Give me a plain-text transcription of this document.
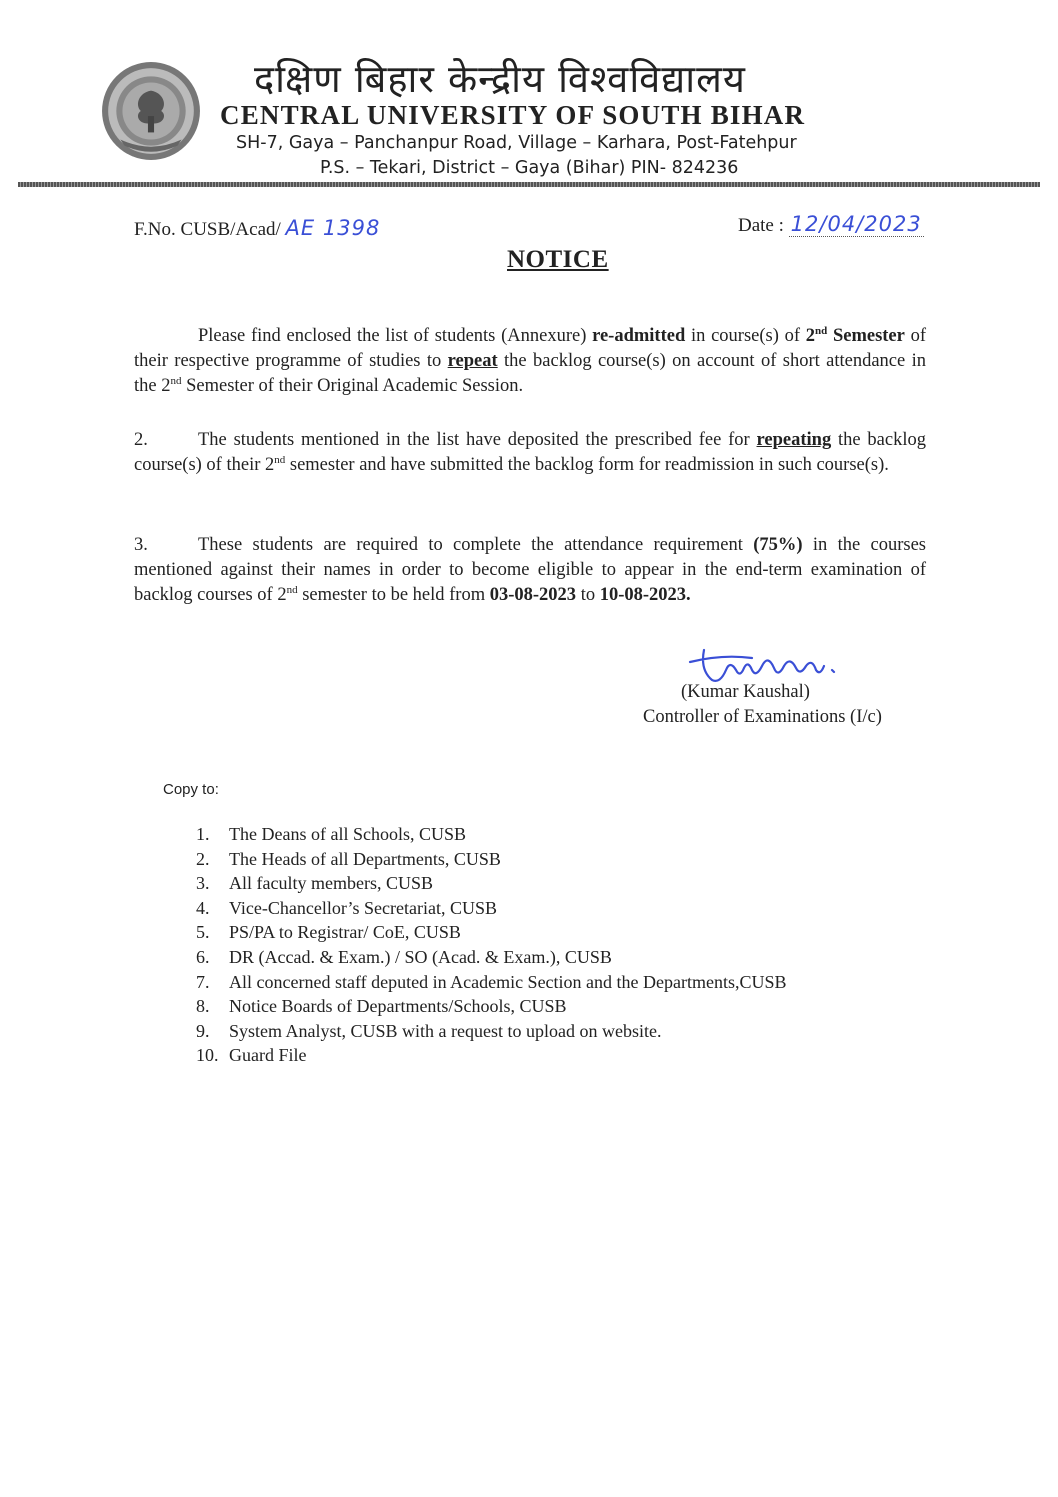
दक्षिण बिहार केन्द्रीय विश्वविद्यालय
CENTRAL UNIVERSITY OF SOUTH BIHAR
SH-7, Gaya – Panchanpur Road, Village – Karhara, Post-Fatehpur
P.S. – Tekari, District – Gaya (Bihar) PIN- 824236
F.No. CUSB/Acad/ AE 1398	Date : 12/04/2023
NOTICE
Please find enclosed the list of students (Annexure) re-admitted in course(s) of 2nd Semester of their respective programme of studies to repeat the backlog course(s) on account of short attendance in the 2nd Semester of their Original Academic Session.
2.	The students mentioned in the list have deposited the prescribed fee for repeating the backlog course(s) of their 2nd semester and have submitted the backlog form for readmission in such course(s).
3.	These students are required to complete the attendance requirement (75%) in the courses mentioned against their names in order to become eligible to appear in the end-term examination of backlog courses of 2nd semester to be held from 03-08-2023 to 10-08-2023.
(Kumar Kaushal)
Controller of Examinations (I/c)
Copy to:
1. The Deans of all Schools, CUSB
2. The Heads of all Departments, CUSB
3. All faculty members, CUSB
4. Vice-Chancellor’s Secretariat, CUSB
5. PS/PA to Registrar/ CoE, CUSB
6. DR (Accad. & Exam.) / SO (Acad. & Exam.), CUSB
7. All concerned staff deputed in Academic Section and the Departments,CUSB
8. Notice Boards of Departments/Schools, CUSB
9. System Analyst, CUSB with a request to upload on website.
10. Guard File
